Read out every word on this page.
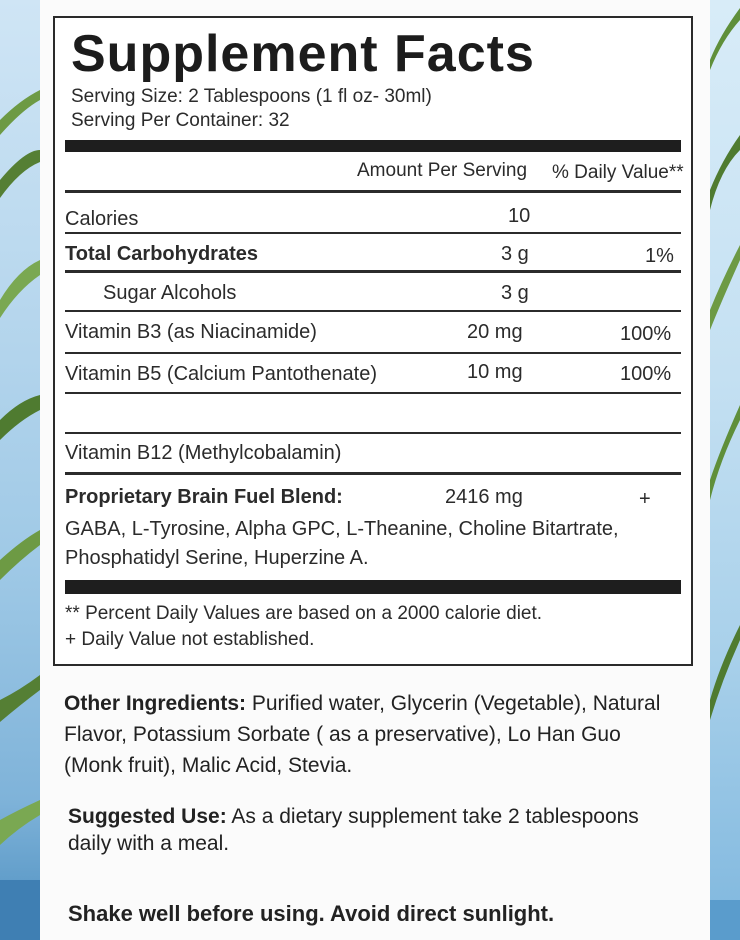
Supplement Facts
Serving Size: 2 Tablespoons (1 fl oz- 30ml)
Serving Per Container: 32
Amount Per Serving % Daily Value**
Calories	10
Total Carbohydrates	3 g	1%
Sugar Alcohols	3 g
Vitamin B3 (as Niacinamide)	20 mg	100%
Vitamin B5 (Calcium Pantothenate)	10 mg	100%
Vitamin B12 (Methylcobalamin)
Proprietary Brain Fuel Blend:	2416 mg	+
GABA, L-Tyrosine, Alpha GPC, L-Theanine, Choline Bitartrate, Phosphatidyl Serine, Huperzine A.
** Percent Daily Values are based on a 2000 calorie diet.
+ Daily Value not established.
Other Ingredients: Purified water, Glycerin (Vegetable), Natural Flavor, Potassium Sorbate ( as a preservative), Lo Han Guo (Monk fruit), Malic Acid, Stevia.
Suggested Use: As a dietary supplement take 2 tablespoons daily with a meal.
Shake well before using. Avoid direct sunlight.
